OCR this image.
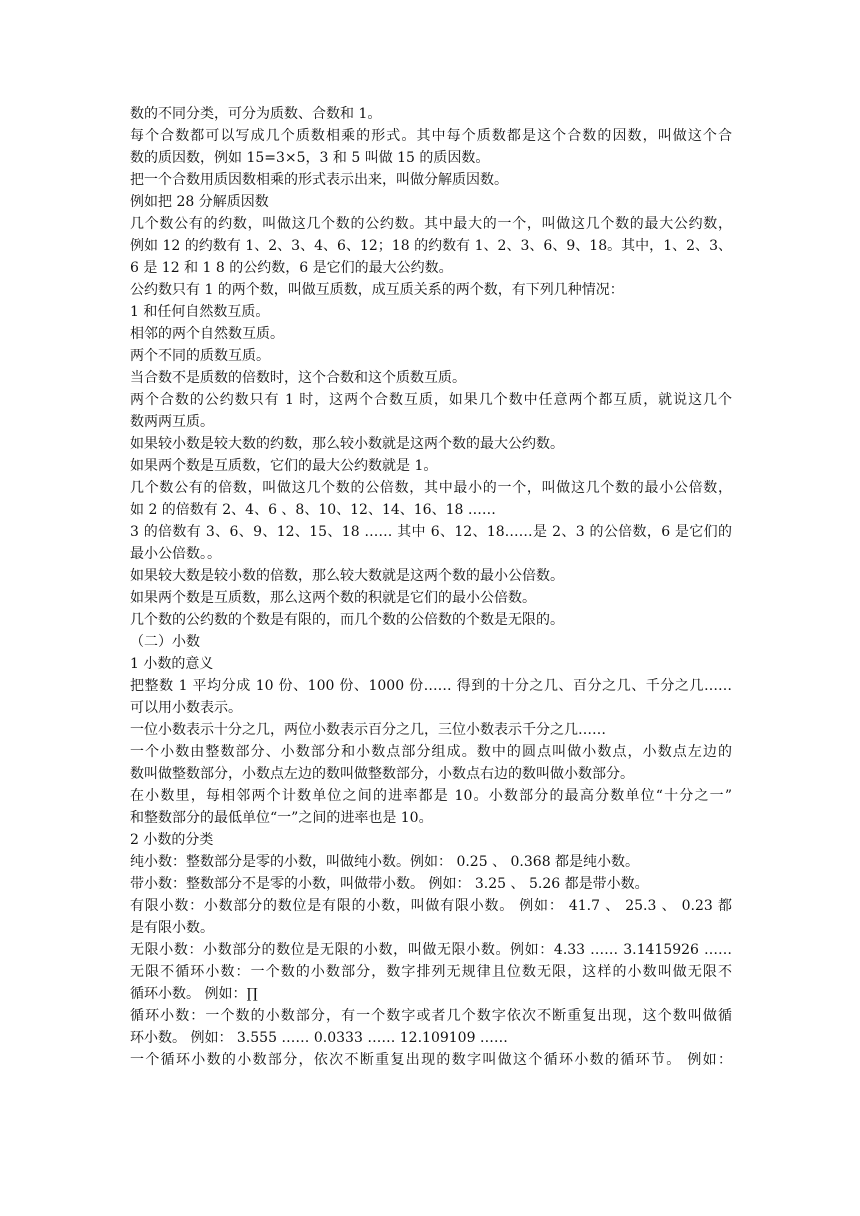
数的不同分类，可分为质数、合数和 1。
每个合数都可以写成几个质数相乘的形式。其中每个质数都是这个合数的因数，叫做这个合
数的质因数，例如 15=3×5，3 和 5 叫做 15 的质因数。
把一个合数用质因数相乘的形式表示出来，叫做分解质因数。
例如把 28 分解质因数
几个数公有的约数，叫做这几个数的公约数。其中最大的一个，叫做这几个数的最大公约数，
例如 12 的约数有 1、2、3、4、6、12；18 的约数有 1、2、3、6、9、18。其中，1、2、3、
6 是 12 和 1 8 的公约数，6 是它们的最大公约数。
公约数只有 1 的两个数，叫做互质数，成互质关系的两个数，有下列几种情况：
1 和任何自然数互质。
相邻的两个自然数互质。
两个不同的质数互质。
当合数不是质数的倍数时，这个合数和这个质数互质。
两个合数的公约数只有 1 时，这两个合数互质，如果几个数中任意两个都互质，就说这几个
数两两互质。
如果较小数是较大数的约数，那么较小数就是这两个数的最大公约数。
如果两个数是互质数，它们的最大公约数就是 1。
几个数公有的倍数，叫做这几个数的公倍数，其中最小的一个，叫做这几个数的最小公倍数，
如 2 的倍数有 2、4、6 、8、10、12、14、16、18 ……
3 的倍数有 3、6、9、12、15、18 …… 其中 6、12、18……是 2、3 的公倍数，6 是它们的
最小公倍数。。
如果较大数是较小数的倍数，那么较大数就是这两个数的最小公倍数。
如果两个数是互质数，那么这两个数的积就是它们的最小公倍数。
几个数的公约数的个数是有限的，而几个数的公倍数的个数是无限的。
（二）小数
1 小数的意义
把整数 1 平均分成 10 份、100 份、1000 份…… 得到的十分之几、百分之几、千分之几……
可以用小数表示。
一位小数表示十分之几，两位小数表示百分之几，三位小数表示千分之几……
一个小数由整数部分、小数部分和小数点部分组成。数中的圆点叫做小数点，小数点左边的
数叫做整数部分，小数点左边的数叫做整数部分，小数点右边的数叫做小数部分。
在小数里，每相邻两个计数单位之间的进率都是 10。小数部分的最高分数单位“十分之一”
和整数部分的最低单位“一”之间的进率也是 10。
2 小数的分类
纯小数：整数部分是零的小数，叫做纯小数。例如： 0.25 、 0.368 都是纯小数。
带小数：整数部分不是零的小数，叫做带小数。 例如： 3.25 、 5.26 都是带小数。
有限小数：小数部分的数位是有限的小数，叫做有限小数。 例如： 41.7 、 25.3 、 0.23 都
是有限小数。
无限小数：小数部分的数位是无限的小数，叫做无限小数。例如：4.33 …… 3.1415926 ……
无限不循环小数：一个数的小数部分，数字排列无规律且位数无限，这样的小数叫做无限不
循环小数。 例如：∏
循环小数：一个数的小数部分，有一个数字或者几个数字依次不断重复出现，这个数叫做循
环小数。 例如： 3.555 …… 0.0333 …… 12.109109 ……
一个循环小数的小数部分，依次不断重复出现的数字叫做这个循环小数的循环节。 例如：
